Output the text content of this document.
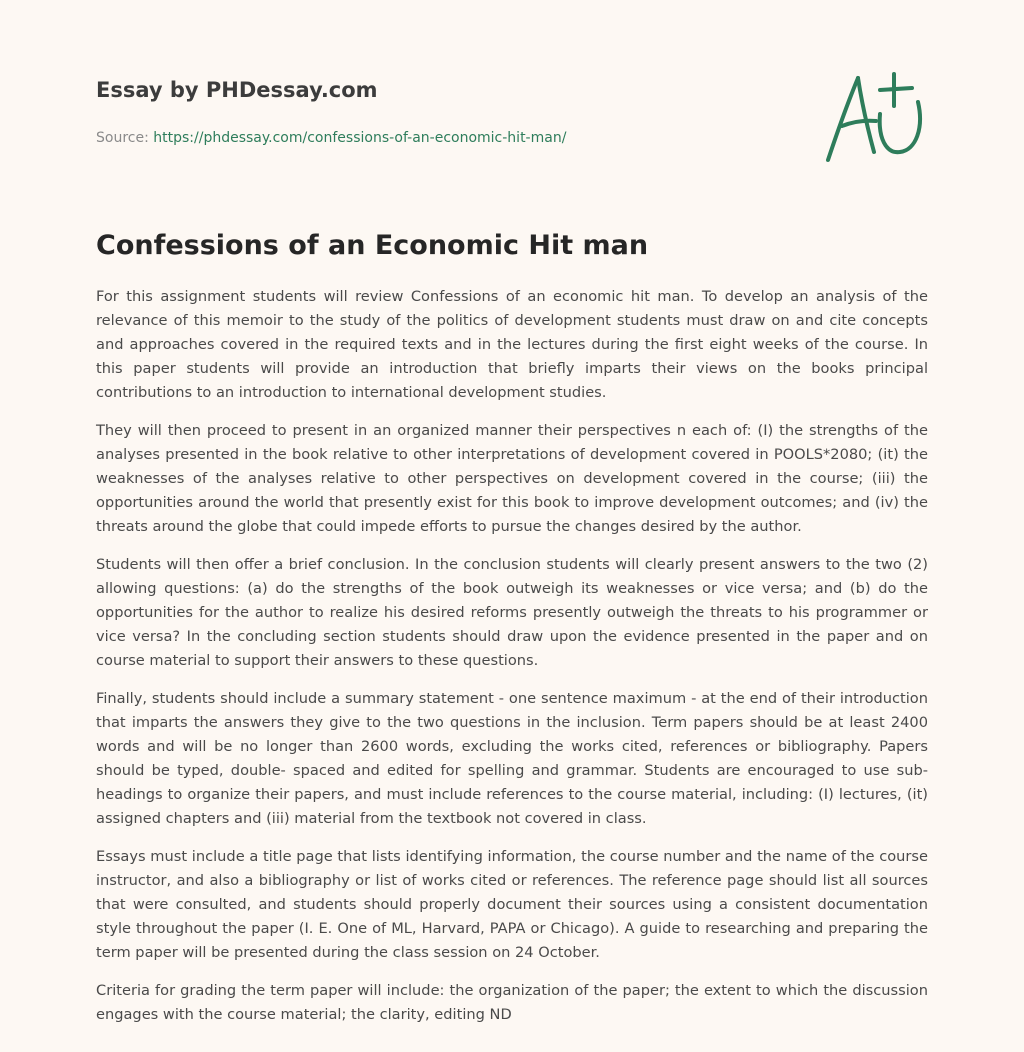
Essay by PHDessay.com
Source: https://phdessay.com/confessions-of-an-economic-hit-man/
Confessions of an Economic Hit man

For this assignment students will review Confessions of an economic hit man. To develop an analysis of the relevance of this memoir to the study of the politics of development students must draw on and cite concepts and approaches covered in the required texts and in the lectures during the first eight weeks of the course. In this paper students will provide an introduction that briefly imparts their views on the books principal contributions to an introduction to international development studies.

They will then proceed to present in an organized manner their perspectives n each of: (I) the strengths of the analyses presented in the book relative to other interpretations of development covered in POOLS*2080; (it) the weaknesses of the analyses relative to other perspectives on development covered in the course; (iii) the opportunities around the world that presently exist for this book to improve development outcomes; and (iv) the threats around the globe that could impede efforts to pursue the changes desired by the author.

Students will then offer a brief conclusion. In the conclusion students will clearly present answers to the two (2) allowing questions: (a) do the strengths of the book outweigh its weaknesses or vice versa; and (b) do the opportunities for the author to realize his desired reforms presently outweigh the threats to his programmer or vice versa? In the concluding section students should draw upon the evidence presented in the paper and on course material to support their answers to these questions.

Finally, students should include a summary statement - one sentence maximum - at the end of their introduction that imparts the answers they give to the two questions in the inclusion. Term papers should be at least 2400 words and will be no longer than 2600 words, excluding the works cited, references or bibliography. Papers should be typed, double- spaced and edited for spelling and grammar. Students are encouraged to use sub-headings to organize their papers, and must include references to the course material, including: (I) lectures, (it) assigned chapters and (iii) material from the textbook not covered in class.

Essays must include a title page that lists identifying information, the course number and the name of the course instructor, and also a bibliography or list of works cited or references. The reference page should list all sources that were consulted, and students should properly document their sources using a consistent documentation style throughout the paper (I. E. One of ML, Harvard, PAPA or Chicago). A guide to researching and preparing the term paper will be presented during the class session on 24 October.

Criteria for grading the term paper will include: the organization of the paper; the extent to which the discussion engages with the course material; the clarity, editing ND
